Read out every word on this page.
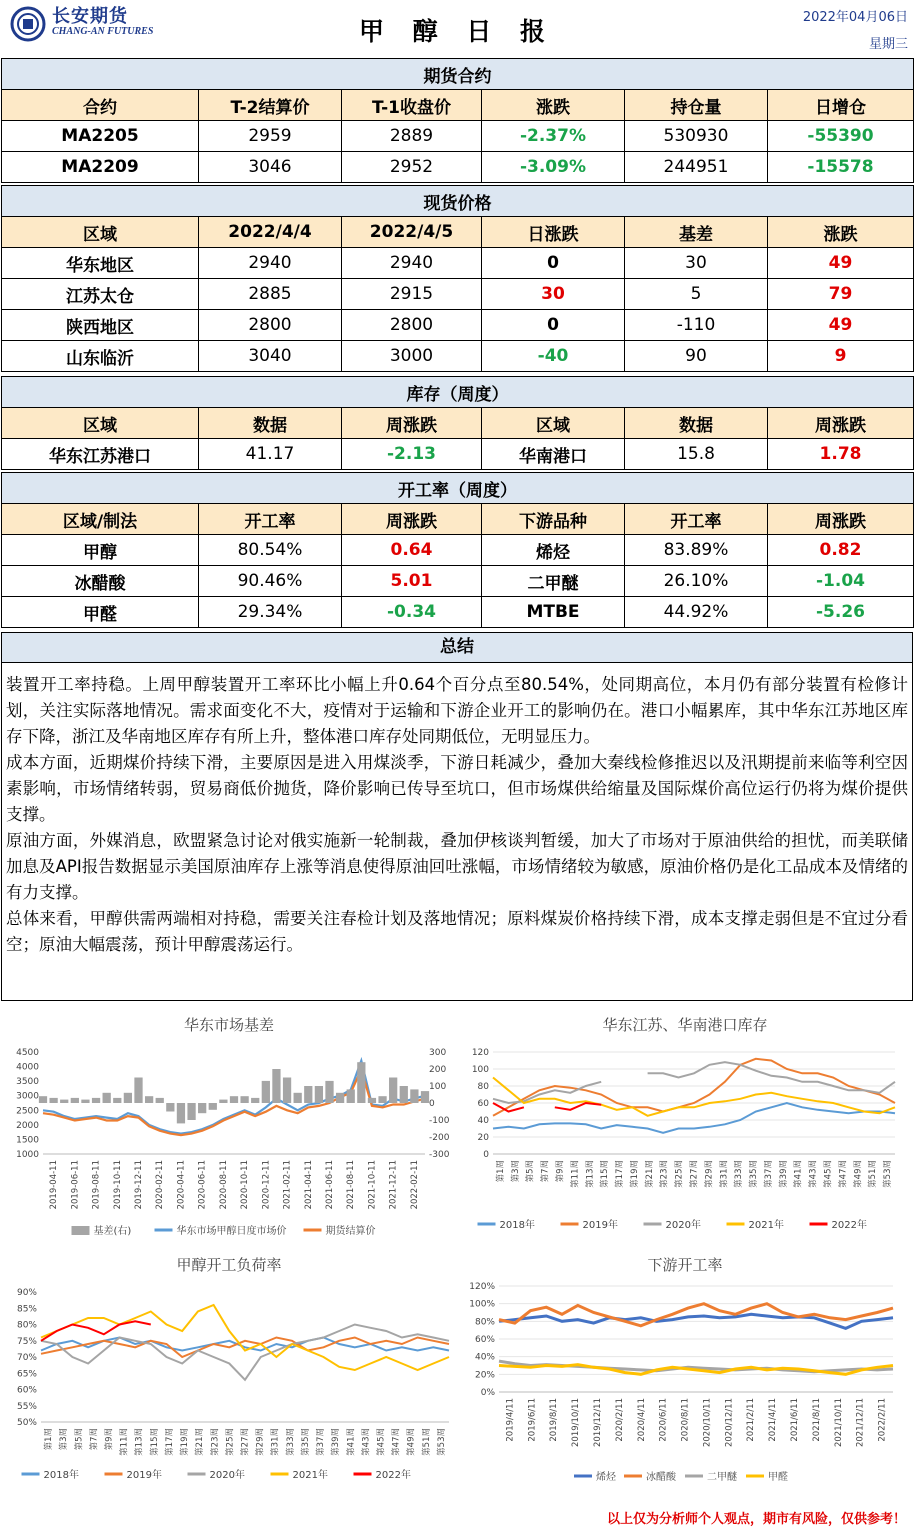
长安期货
CHANG-AN FUTURES	甲 醇 日 报	2022年04月06日
星期三
期货合约					
合约	T-2结算价	T-1收盘价	涨跌	持仓量	日增仓
MA2205	2959	2889	-2.37%	530930	-55390
MA2209	3046	2952	-3.09%	244951	-15578
现货价格					
区域	2022/4/4	2022/4/5	日涨跌	基差	涨跌
华东地区	2940	2940	0	30	49
江苏太仓	2885	2915	30	5	79
陕西地区	2800	2800	0	-110	49
山东临沂	3040	3000	-40	90	9
库存（周度）					
区域	数据	周涨跌	区域	数据	周涨跌
华东江苏港口	41.17	-2.13	华南港口	15.8	1.78
开工率（周度）					
区域/制法	开工率	周涨跌	下游品种	开工率	周涨跌
甲醇	80.54%	0.64	烯烃	83.89%	0.82
冰醋酸	90.46%	5.01	二甲醚	26.10%	-1.04
甲醛	29.34%	-0.34	MTBE	44.92%	-5.26
总结

装置开工率持稳。上周甲醇装置开工率环比小幅上升0.64个百分点至80.54%，处同期高位，本月仍有部分装置有检修计划，关注实际落地情况。需求面变化不大，疫情对于运输和下游企业开工的影响仍在。港口小幅累库，其中华东江苏地区库存下降，浙江及华南地区库存有所上升，整体港口库存处同期低位，无明显压力。

成本方面，近期煤价持续下滑，主要原因是进入用煤淡季，下游日耗减少，叠加大秦线检修推迟以及汛期提前来临等利空因素影响，市场情绪转弱，贸易商低价抛货，降价影响已传导至坑口，但市场煤供给缩量及国际煤价高位运行仍将为煤价提供支撑。

原油方面，外媒消息，欧盟紧急讨论对俄实施新一轮制裁，叠加伊核谈判暂缓，加大了市场对于原油供给的担忧，而美联储加息及API报告数据显示美国原油库存上涨等消息使得原油回吐涨幅，市场情绪较为敏感，原油价格仍是化工品成本及情绪的有力支撑。

总体来看，甲醇供需两端相对持稳，需要关注春检计划及落地情况；原料煤炭价格持续下滑，成本支撑走弱但是不宜过分看空；原油大幅震荡，预计甲醇震荡运行。

华东市场基差
4500
4000
3500
3000
2500
2000
1500
1000
300
200
100
0
-100
-200
-300
2019-04-11 2019-06-11 2019-08-11 2019-10-11 2019-12-11 2020-02-11 2020-04-11 2020-06-11 2020-08-11 2020-10-11 2020-12-11 2021-02-11 2021-04-11 2021-06-11 2021-08-11 2021-10-11 2021-12-11 2022-02-11
基差(右)	华东市场甲醇日度市场价	期货结算价
华东江苏、华南港口库存
120
100
80
60
40
20
0
第1周 第3周 第5周 第7周 第9周 第11周 第13周 第15周 第17周 第19周 第21周 第23周 第25周 第27周 第29周 第31周 第33周 第35周 第37周 第39周 第41周 第43周 第45周 第47周 第49周 第51周 第53周
2018年	2019年	2020年	2021年	2022年
甲醇开工负荷率
90%
85%
80%
75%
70%
65%
60%
55%
50%
第1周 第3周 第5周 第7周 第9周 第11周 第13周 第15周 第17周 第19周 第21周 第23周 第25周 第27周 第29周 第31周 第33周 第35周 第37周 第39周 第41周 第43周 第45周 第47周 第49周 第51周 第53周
2018年	2019年	2020年	2021年	2022年
下游开工率
120%
100%
80%
60%
40%
20%
0%
2019/4/11 2019/6/11 2019/8/11 2019/10/11 2019/12/11 2020/2/11 2020/4/11 2020/6/11 2020/8/11 2020/10/11 2020/12/11 2021/2/11 2021/4/11 2021/6/11 2021/8/11 2021/10/11 2021/12/11 2022/2/11
烯烃	冰醋酸	二甲醚	甲醛
以上仅为分析师个人观点，期市有风险，仅供参考！
